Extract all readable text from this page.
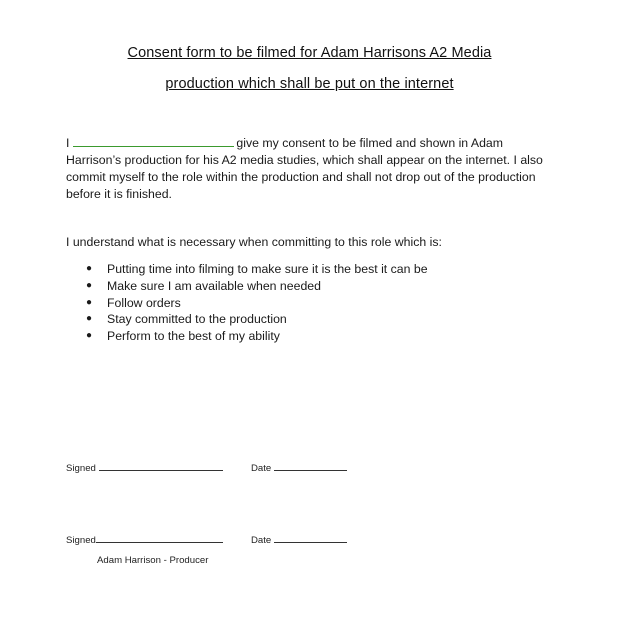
Consent form to be filmed for Adam Harrisons A2 Media
production which shall be put on the internet
I	give my consent to be filmed and shown in Adam Harrison’s production for his A2 media studies, which shall appear on the internet. I also commit myself to the role within the production and shall not drop out of the production before it is finished.
I understand what is necessary when committing to this role which is:
● Putting time into filming to make sure it is the best it can be
● Make sure I am available when needed
● Follow orders
● Stay committed to the production
● Perform to the best of my ability
Signed	Date
Signed	Date
Adam Harrison - Producer
